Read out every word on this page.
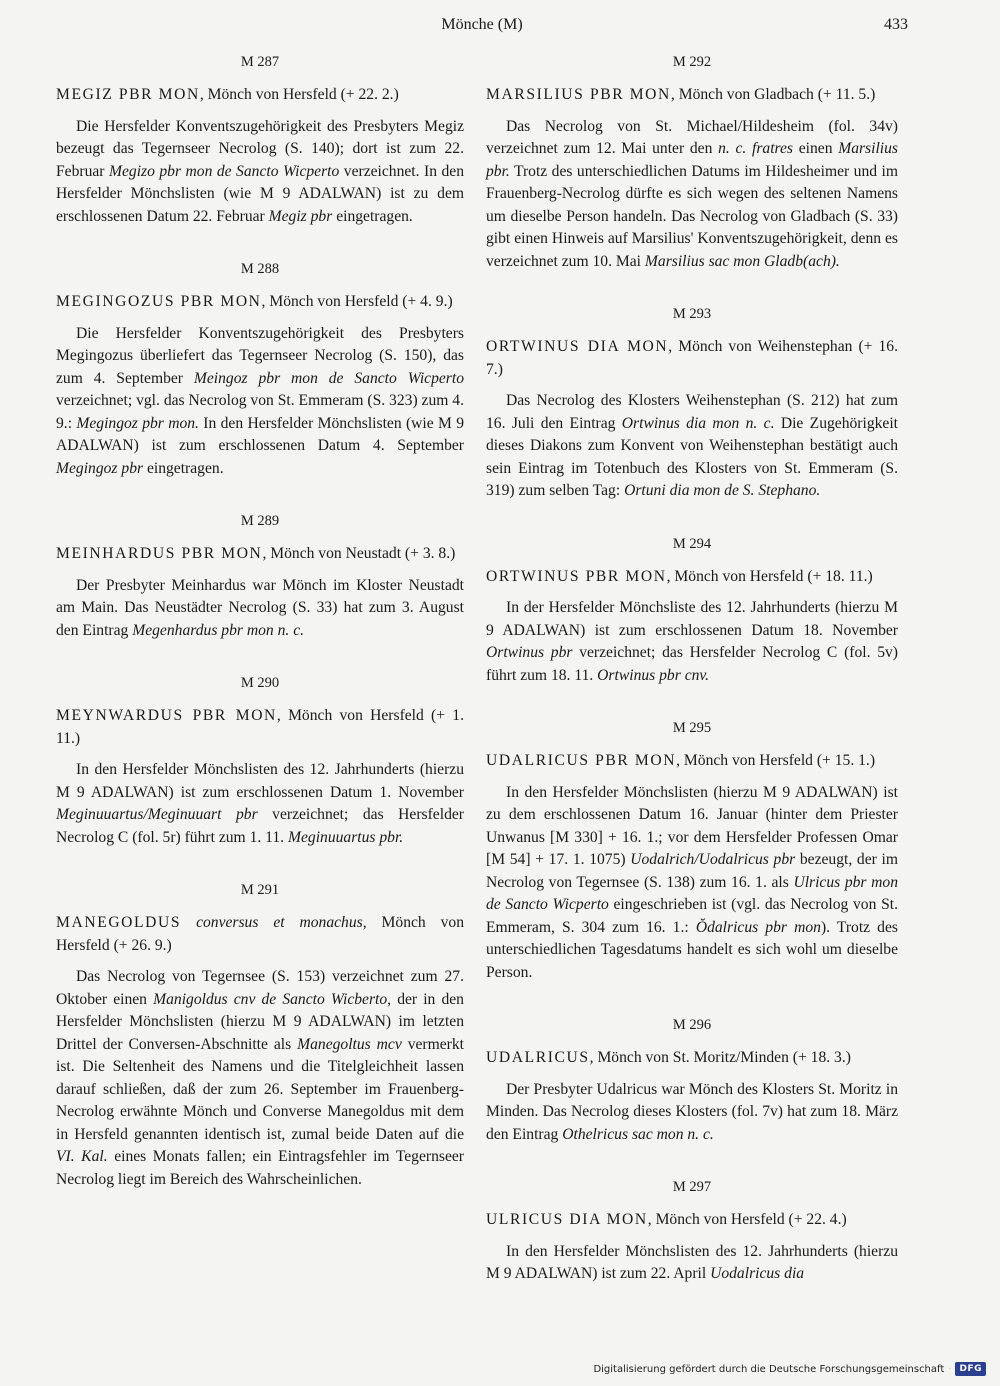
Mönche (M)	433
M 287

MEGIZ PBR MON, Mönch von Hersfeld (+ 22. 2.)

Die Hersfelder Konventszugehörigkeit des Presbyters Megiz bezeugt das Tegernseer Necrolog (S. 140); dort ist zum 22. Februar Megizo pbr mon de Sancto Wicperto verzeichnet. In den Hersfelder Mönchslisten (wie M 9 ADALWAN) ist zu dem erschlossenen Datum 22. Februar Megiz pbr eingetragen.

M 288

MEGINGOZUS PBR MON, Mönch von Hersfeld (+ 4. 9.)

Die Hersfelder Konventszugehörigkeit des Presbyters Megingozus überliefert das Tegernseer Necrolog (S. 150), das zum 4. September Meingoz pbr mon de Sancto Wicperto verzeichnet; vgl. das Necrolog von St. Emmeram (S. 323) zum 4. 9.: Megingoz pbr mon. In den Hersfelder Mönchslisten (wie M 9 ADALWAN) ist zum erschlossenen Datum 4. September Megingoz pbr eingetragen.

M 289

MEINHARDUS PBR MON, Mönch von Neustadt (+ 3. 8.)

Der Presbyter Meinhardus war Mönch im Kloster Neustadt am Main. Das Neustädter Necrolog (S. 33) hat zum 3. August den Eintrag Megenhardus pbr mon n. c.

M 290

MEYNWARDUS PBR MON, Mönch von Hersfeld (+ 1. 11.)

In den Hersfelder Mönchslisten des 12. Jahrhunderts (hierzu M 9 ADALWAN) ist zum erschlossenen Datum 1. November Meginuuartus/Meginuuart pbr verzeichnet; das Hersfelder Necrolog C (fol. 5r) führt zum 1. 11. Meginuuartus pbr.

M 291

MANEGOLDUS conversus et monachus, Mönch von Hersfeld (+ 26. 9.)

Das Necrolog von Tegernsee (S. 153) verzeichnet zum 27. Oktober einen Manigoldus cnv de Sancto Wicberto, der in den Hersfelder Mönchslisten (hierzu M 9 ADALWAN) im letzten Drittel der Conversen-Abschnitte als Manegoltus mcv vermerkt ist. Die Seltenheit des Namens und die Titelgleichheit lassen darauf schließen, daß der zum 26. September im Frauenberg-Necrolog erwähnte Mönch und Converse Manegoldus mit dem in Hersfeld genannten identisch ist, zumal beide Daten auf die VI. Kal. eines Monats fallen; ein Eintragsfehler im Tegernseer Necrolog liegt im Bereich des Wahrscheinlichen.

M 292

MARSILIUS PBR MON, Mönch von Gladbach (+ 11. 5.)

Das Necrolog von St. Michael/Hildesheim (fol. 34v) verzeichnet zum 12. Mai unter den n. c. fratres einen Marsilius pbr. Trotz des unterschiedlichen Datums im Hildesheimer und im Frauenberg-Necrolog dürfte es sich wegen des seltenen Namens um dieselbe Person handeln. Das Necrolog von Gladbach (S. 33) gibt einen Hinweis auf Marsilius' Konventszugehörigkeit, denn es verzeichnet zum 10. Mai Marsilius sac mon Gladb(ach).

M 293

ORTWINUS DIA MON, Mönch von Weihenstephan (+ 16. 7.)

Das Necrolog des Klosters Weihenstephan (S. 212) hat zum 16. Juli den Eintrag Ortwinus dia mon n. c. Die Zugehörigkeit dieses Diakons zum Konvent von Weihenstephan bestätigt auch sein Eintrag im Totenbuch des Klosters von St. Emmeram (S. 319) zum selben Tag: Ortuni dia mon de S. Stephano.

M 294

ORTWINUS PBR MON, Mönch von Hersfeld (+ 18. 11.)

In der Hersfelder Mönchsliste des 12. Jahrhunderts (hierzu M 9 ADALWAN) ist zum erschlossenen Datum 18. November Ortwinus pbr verzeichnet; das Hersfelder Necrolog C (fol. 5v) führt zum 18. 11. Ortwinus pbr cnv.

M 295

UDALRICUS PBR MON, Mönch von Hersfeld (+ 15. 1.)

In den Hersfelder Mönchslisten (hierzu M 9 ADALWAN) ist zu dem erschlossenen Datum 16. Januar (hinter dem Priester Unwanus [M 330] + 16. 1.; vor dem Hersfelder Professen Omar [M 54] + 17. 1. 1075) Uodalrich/Uodalricus pbr bezeugt, der im Necrolog von Tegernsee (S. 138) zum 16. 1. als Ulricus pbr mon de Sancto Wicperto eingeschrieben ist (vgl. das Necrolog von St. Emmeram, S. 304 zum 16. 1.: Ŏdalricus pbr mon). Trotz des unterschiedlichen Tagesdatums handelt es sich wohl um dieselbe Person.

M 296

UDALRICUS, Mönch von St. Moritz/Minden (+ 18. 3.)

Der Presbyter Udalricus war Mönch des Klosters St. Moritz in Minden. Das Necrolog dieses Klosters (fol. 7v) hat zum 18. März den Eintrag Othelricus sac mon n. c.

M 297

ULRICUS DIA MON, Mönch von Hersfeld (+ 22. 4.)

In den Hersfelder Mönchslisten des 12. Jahrhunderts (hierzu M 9 ADALWAN) ist zum 22. April Uodalricus dia

Digitalisierung gefördert durch die Deutsche Forschungsgemeinschaft · DFG
